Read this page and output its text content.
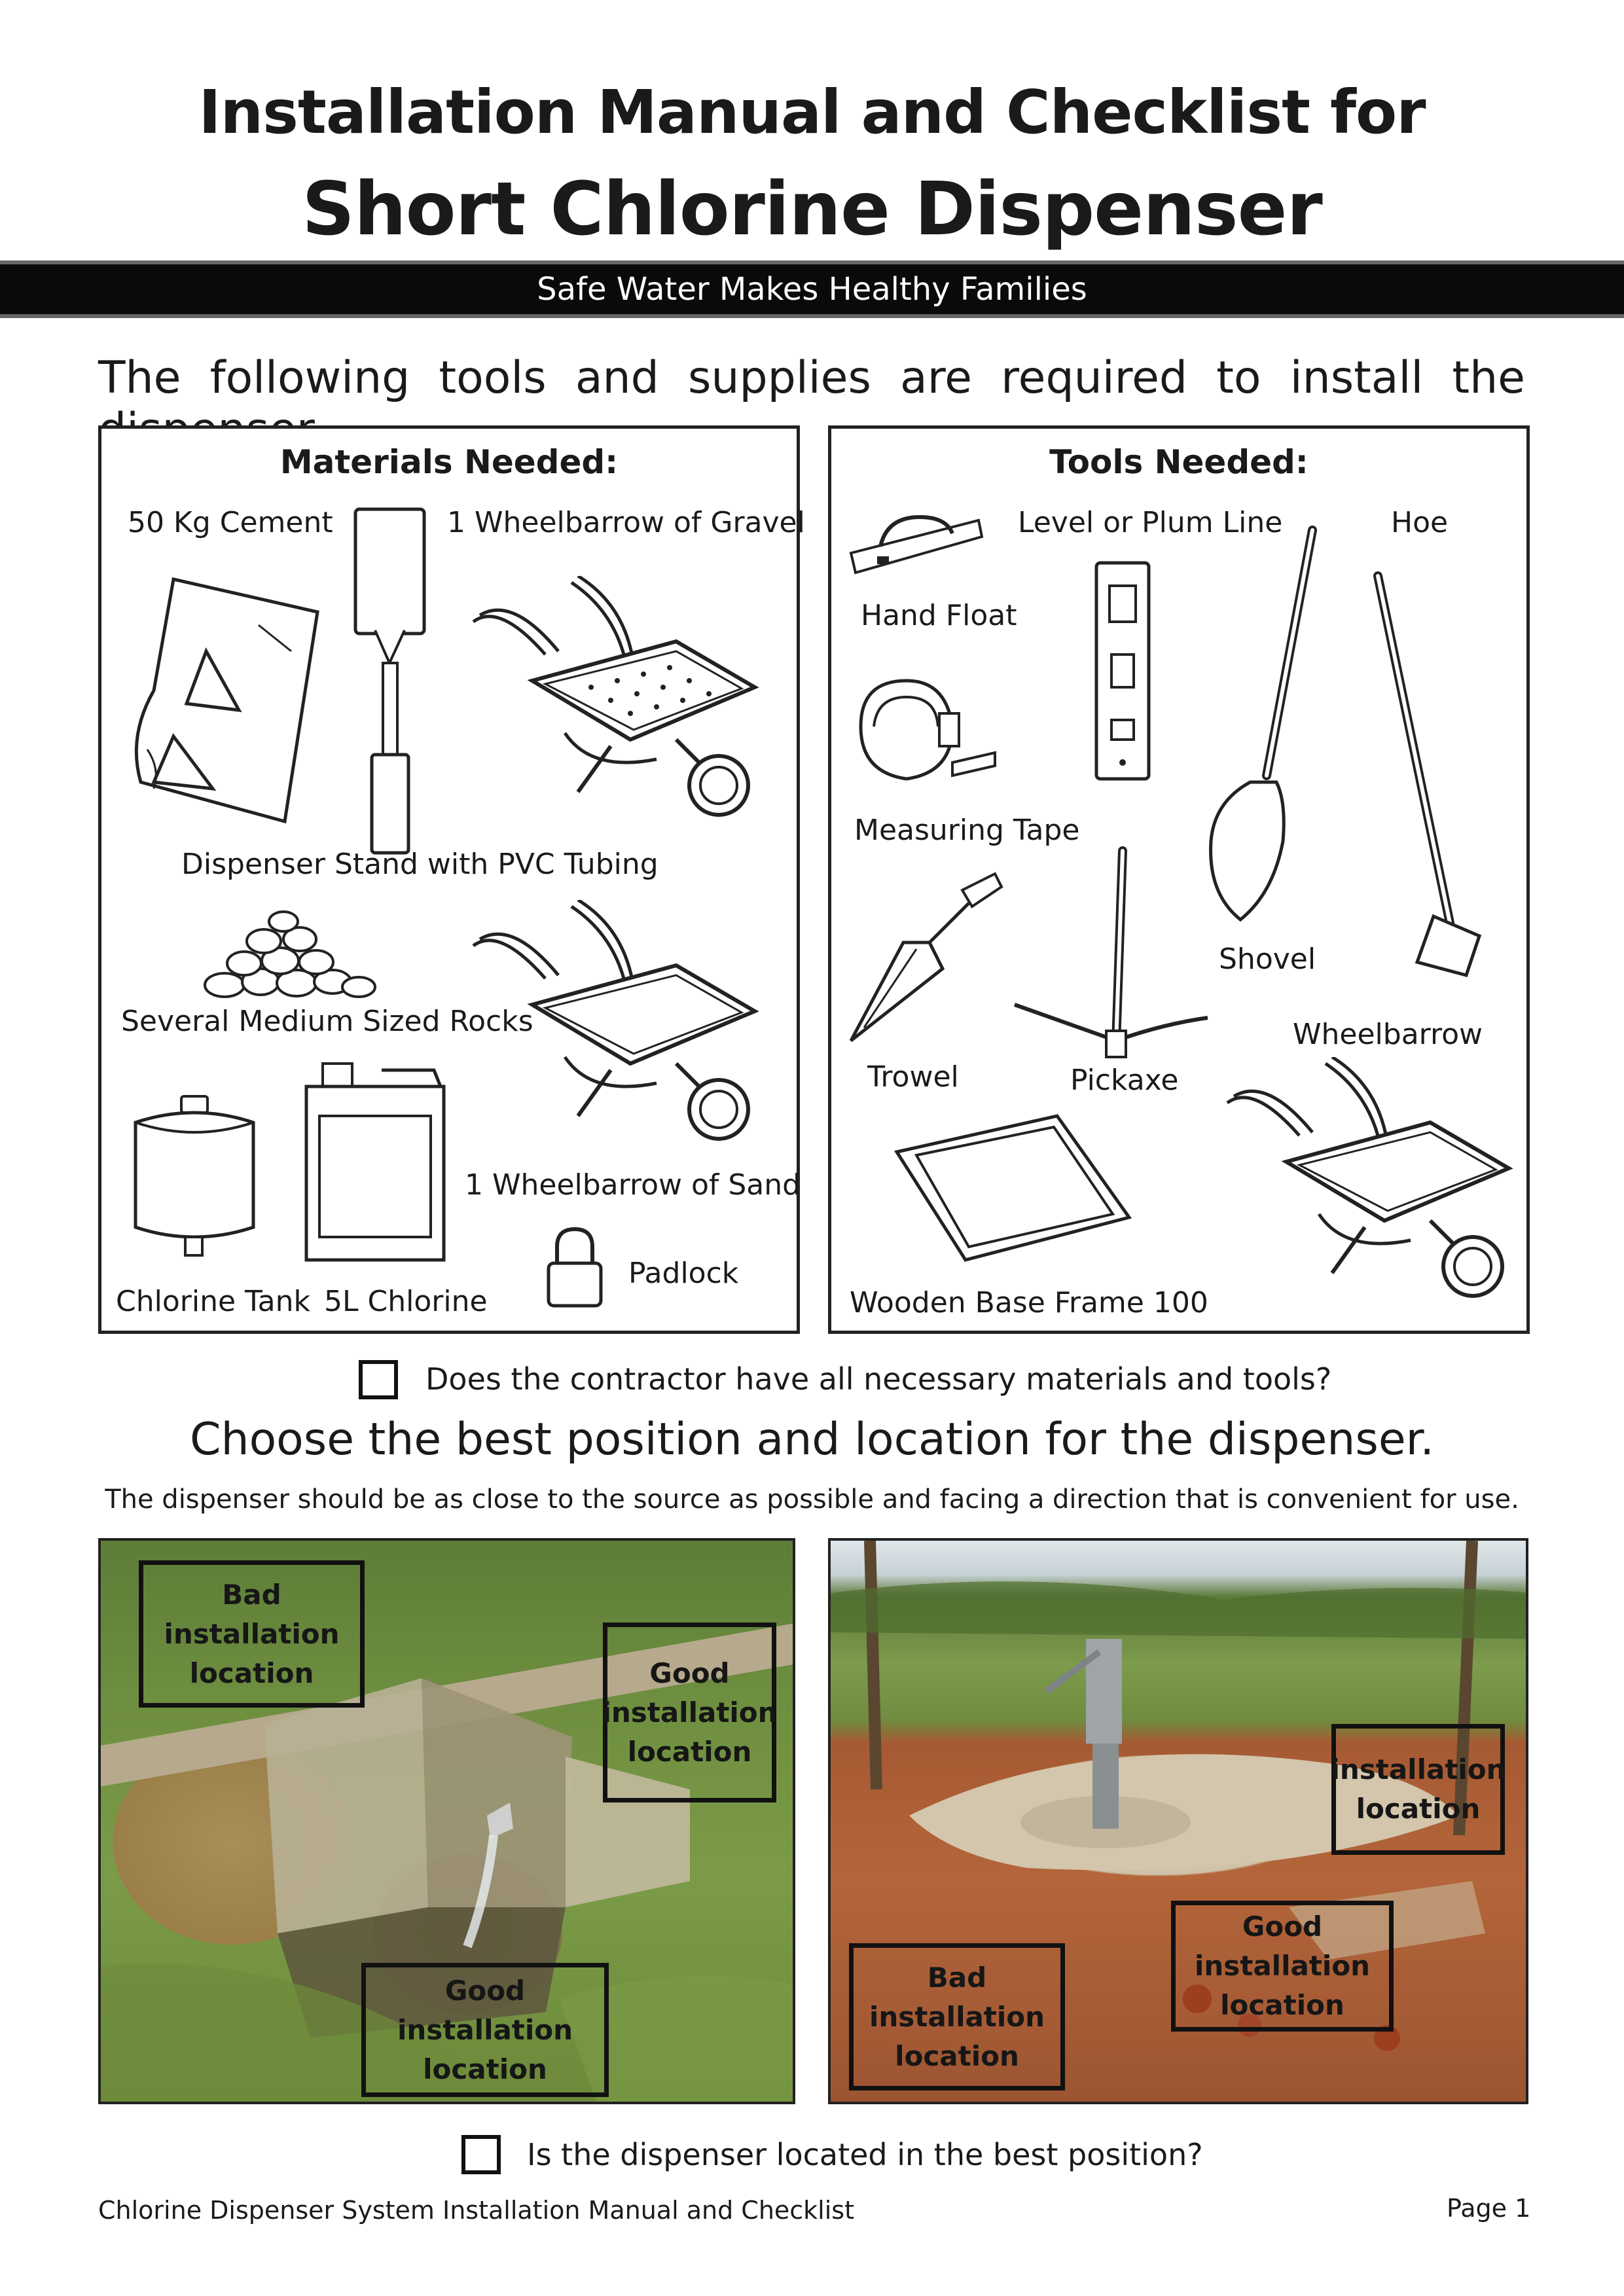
Installation Manual and Checklist for
Short Chlorine Dispenser
Safe Water Makes Healthy Families
The following tools and supplies are required to install the
Materials Needed:
50 Kg Cement	1 Wheelbarrow of Gravel
Dispenser Stand with PVC Tubing
Several Medium Sized Rocks
1 Wheelbarrow of Sand
Padlock
Chlorine Tank 5L Chlorine
Tools Needed:
Level or Plum Line	Hoe
Hand Float
Measuring Tape
Shovel
Wheelbarrow
Trowel	Pickaxe
Wooden Base Frame 100
Does the contractor have all necessary materials and tools?
Choose the best position and location for the dispenser.
The dispenser should be as close to the source as possible and facing a direction that is convenient for use.
Bad
installation
location	Good
installation
location
Good
installation
location
installation
location
Bad
installation
location
Good
installation
location
Is the dispenser located in the best position?
Chlorine Dispenser System Installation Manual and Checklist	Page 1
